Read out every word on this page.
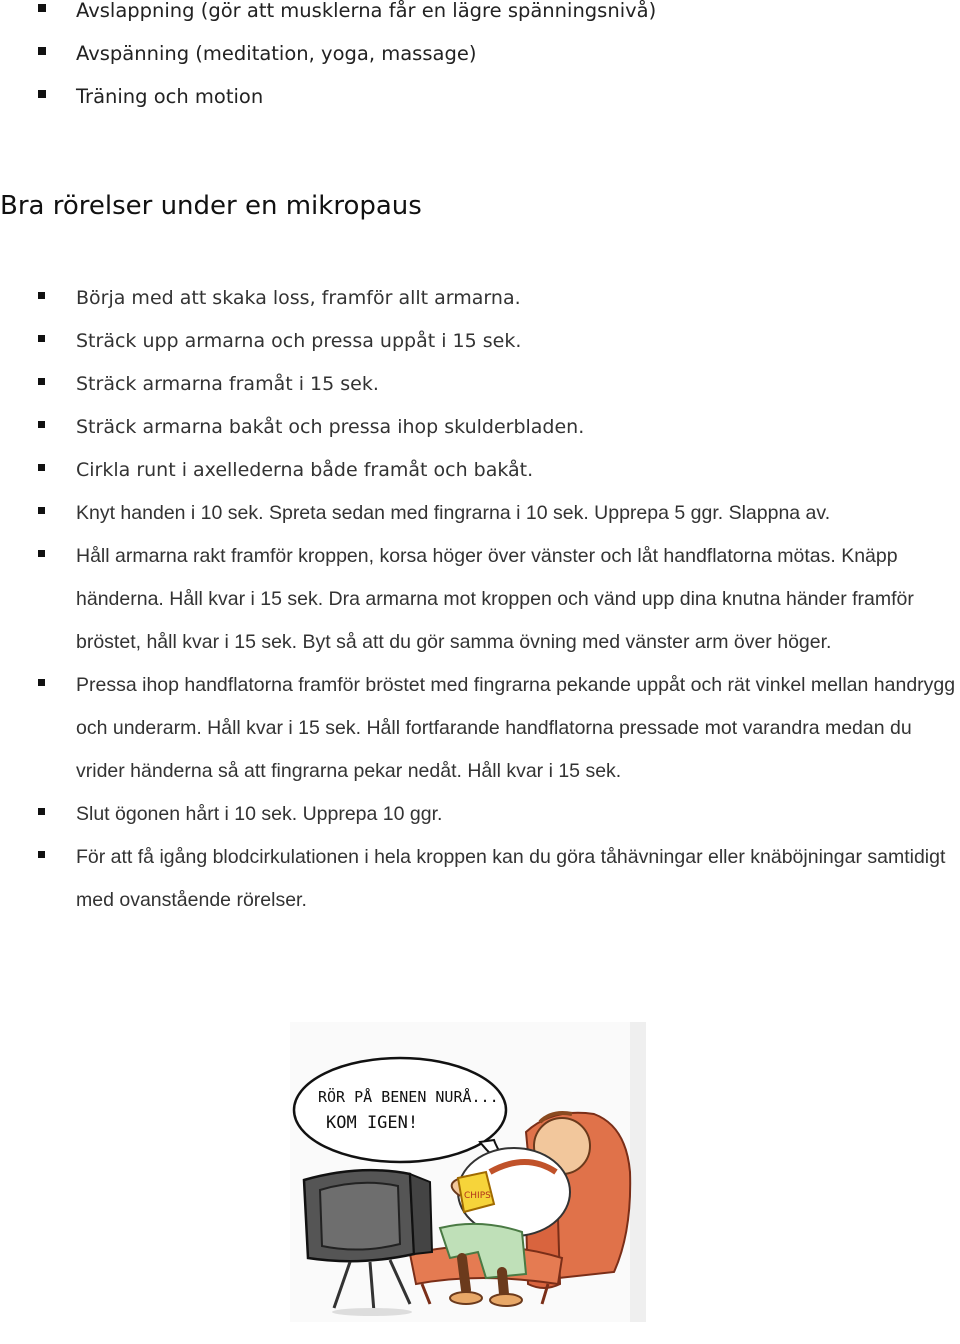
Avslappning (gör att musklerna får en lägre spänningsnivå)
Avspänning (meditation, yoga, massage)
Träning och motion
Bra rörelser under en mikropaus
Börja med att skaka loss, framför allt armarna.
Sträck upp armarna och pressa uppåt i 15 sek.
Sträck armarna framåt i 15 sek.
Sträck armarna bakåt och pressa ihop skulderbladen.
Cirkla runt i axellederna både framåt och bakåt.
Knyt handen i 10 sek. Spreta sedan med fingrarna i 10 sek. Upprepa 5 ggr. Slappna av.
Håll armarna rakt framför kroppen, korsa höger över vänster och låt handflatorna mötas. Knäpp händerna. Håll kvar i 15 sek. Dra armarna mot kroppen och vänd upp dina knutna händer framför bröstet, håll kvar i 15 sek. Byt så att du gör samma övning med vänster arm över höger.
Pressa ihop handflatorna framför bröstet med fingrarna pekande uppåt och rät vinkel mellan handrygg och underarm. Håll kvar i 15 sek. Håll fortfarande handflatorna pressade mot varandra medan du vrider händerna så att fingrarna pekar nedåt. Håll kvar i 15 sek.
Slut ögonen hårt i 10 sek. Upprepa 10 ggr.
För att få igång blodcirkulationen i hela kroppen kan du göra tåhävningar eller knäböjningar samtidigt med ovanstående rörelser.
RÖR PÅ BENEN NURÅ...
KOM IGEN!
CHIPS
